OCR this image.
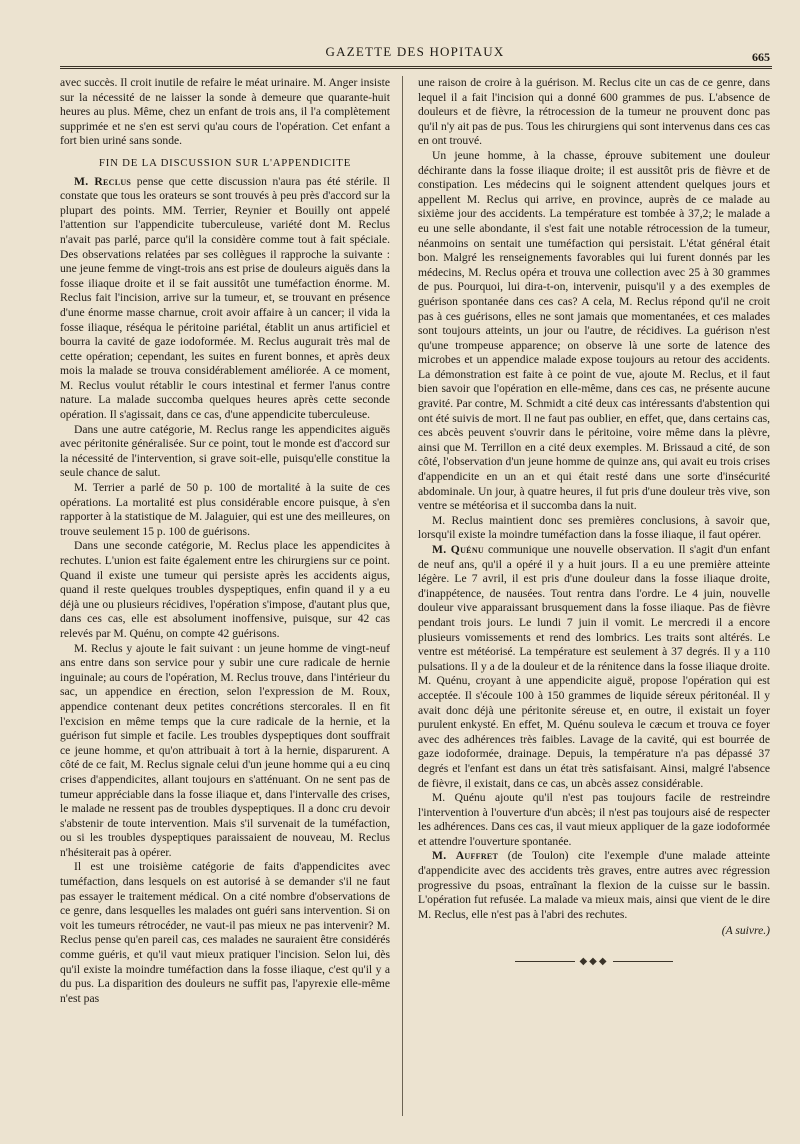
GAZETTE DES HOPITAUX	665

avec succès. Il croit inutile de refaire le méat urinaire. M. Anger insiste sur la nécessité de ne laisser la sonde à demeure que quarante-huit heures au plus. Même, chez un enfant de trois ans, il l'a complètement supprimée et ne s'en est servi qu'au cours de l'opération. Cet enfant a fort bien uriné sans sonde.

FIN DE LA DISCUSSION SUR L'APPENDICITE

M. Reclus pense que cette discussion n'aura pas été stérile. Il constate que tous les orateurs se sont trouvés à peu près d'accord sur la plupart des points. MM. Terrier, Reynier et Bouilly ont appelé l'attention sur l'appendicite tuberculeuse, variété dont M. Reclus n'avait pas parlé, parce qu'il la considère comme tout à fait spéciale. Des observations relatées par ses collègues il rapproche la suivante : une jeune femme de vingt-trois ans est prise de douleurs aiguës dans la fosse iliaque droite et il se fait aussitôt une tuméfaction énorme. M. Reclus fait l'incision, arrive sur la tumeur, et, se trouvant en présence d'une énorme masse charnue, croit avoir affaire à un cancer; il vida la fosse iliaque, réséqua le péritoine pariétal, établit un anus artificiel et bourra la cavité de gaze iodoformée. M. Reclus augurait très mal de cette opération; cependant, les suites en furent bonnes, et après deux mois la malade se trouva considérablement améliorée. A ce moment, M. Reclus voulut rétablir le cours intestinal et fermer l'anus contre nature. La malade succomba quelques heures après cette seconde opération. Il s'agissait, dans ce cas, d'une appendicite tuberculeuse.

Dans une autre catégorie, M. Reclus range les appendicites aiguës avec péritonite généralisée. Sur ce point, tout le monde est d'accord sur la nécessité de l'intervention, si grave soit-elle, puisqu'elle constitue la seule chance de salut.

M. Terrier a parlé de 50 p. 100 de mortalité à la suite de ces opérations. La mortalité est plus considérable encore puisque, à s'en rapporter à la statistique de M. Jalaguier, qui est une des meilleures, on trouve seulement 15 p. 100 de guérisons.

Dans une seconde catégorie, M. Reclus place les appendicites à rechutes. L'union est faite également entre les chirurgiens sur ce point. Quand il existe une tumeur qui persiste après les accidents aigus, quand il reste quelques troubles dyspeptiques, enfin quand il y a eu déjà une ou plusieurs récidives, l'opération s'impose, d'autant plus que, dans ces cas, elle est absolument inoffensive, puisque, sur 42 cas relevés par M. Quénu, on compte 42 guérisons.

M. Reclus y ajoute le fait suivant : un jeune homme de vingt-neuf ans entre dans son service pour y subir une cure radicale de hernie inguinale; au cours de l'opération, M. Reclus trouve, dans l'intérieur du sac, un appendice en érection, selon l'expression de M. Roux, appendice contenant deux petites concrétions stercorales. Il en fit l'excision en même temps que la cure radicale de la hernie, et la guérison fut simple et facile. Les troubles dyspeptiques dont souffrait ce jeune homme, et qu'on attribuait à tort à la hernie, disparurent. A côté de ce fait, M. Reclus signale celui d'un jeune homme qui a eu cinq crises d'appendicites, allant toujours en s'atténuant. On ne sent pas de tumeur appréciable dans la fosse iliaque et, dans l'intervalle des crises, le malade ne ressent pas de troubles dyspeptiques. Il a donc cru devoir s'abstenir de toute intervention. Mais s'il survenait de la tuméfaction, ou si les troubles dyspeptiques paraissaient de nouveau, M. Reclus n'hésiterait pas à opérer.

Il est une troisième catégorie de faits d'appendicites avec tuméfaction, dans lesquels on est autorisé à se demander s'il ne faut pas essayer le traitement médical. On a cité nombre d'observations de ce genre, dans lesquelles les malades ont guéri sans intervention. Si on voit les tumeurs rétrocéder, ne vaut-il pas mieux ne pas intervenir? M. Reclus pense qu'en pareil cas, ces malades ne sauraient être considérés comme guéris, et qu'il vaut mieux pratiquer l'incision. Selon lui, dès qu'il existe la moindre tuméfaction dans la fosse iliaque, c'est qu'il y a du pus. La disparition des douleurs ne suffit pas, l'apyrexie elle-même n'est pas

une raison de croire à la guérison. M. Reclus cite un cas de ce genre, dans lequel il a fait l'incision qui a donné 600 grammes de pus. L'absence de douleurs et de fièvre, la rétrocession de la tumeur ne prouvent donc pas qu'il n'y ait pas de pus. Tous les chirurgiens qui sont intervenus dans ces cas en ont trouvé.

Un jeune homme, à la chasse, éprouve subitement une douleur déchirante dans la fosse iliaque droite; il est aussitôt pris de fièvre et de constipation. Les médecins qui le soignent attendent quelques jours et appellent M. Reclus qui arrive, en province, auprès de ce malade au sixième jour des accidents. La température est tombée à 37,2; le malade a eu une selle abondante, il s'est fait une notable rétrocession de la tumeur, néanmoins on sentait une tuméfaction qui persistait. L'état général était bon. Malgré les renseignements favorables qui lui furent donnés par les médecins, M. Reclus opéra et trouva une collection avec 25 à 30 grammes de pus. Pourquoi, lui dira-t-on, intervenir, puisqu'il y a des exemples de guérison spontanée dans ces cas? A cela, M. Reclus répond qu'il ne croit pas à ces guérisons, elles ne sont jamais que momentanées, et ces malades sont toujours atteints, un jour ou l'autre, de récidives. La guérison n'est qu'une trompeuse apparence; on observe là une sorte de latence des microbes et un appendice malade expose toujours au retour des accidents. La démonstration est faite à ce point de vue, ajoute M. Reclus, et il faut bien savoir que l'opération en elle-même, dans ces cas, ne présente aucune gravité. Par contre, M. Schmidt a cité deux cas intéressants d'abstention qui ont été suivis de mort. Il ne faut pas oublier, en effet, que, dans certains cas, ces abcès peuvent s'ouvrir dans le péritoine, voire même dans la plèvre, ainsi que M. Terrillon en a cité deux exemples. M. Brissaud a cité, de son côté, l'observation d'un jeune homme de quinze ans, qui avait eu trois crises d'appendicite en un an et qui était resté dans une sorte d'insécurité abdominale. Un jour, à quatre heures, il fut pris d'une douleur très vive, son ventre se météorisa et il succomba dans la nuit.

M. Reclus maintient donc ses premières conclusions, à savoir que, lorsqu'il existe la moindre tuméfaction dans la fosse iliaque, il faut opérer.

M. Quénu communique une nouvelle observation. Il s'agit d'un enfant de neuf ans, qu'il a opéré il y a huit jours. Il a eu une première atteinte légère. Le 7 avril, il est pris d'une douleur dans la fosse iliaque droite, d'inappétence, de nausées. Tout rentra dans l'ordre. Le 4 juin, nouvelle douleur vive apparaissant brusquement dans la fosse iliaque. Pas de fièvre pendant trois jours. Le lundi 7 juin il vomit. Le mercredi il a encore plusieurs vomissements et rend des lombrics. Les traits sont altérés. Le ventre est météorisé. La température est seulement à 37 degrés. Il y a 110 pulsations. Il y a de la douleur et de la rénitence dans la fosse iliaque droite. M. Quénu, croyant à une appendicite aiguë, propose l'opération qui est acceptée. Il s'écoule 100 à 150 grammes de liquide séreux péritonéal. Il y avait donc déjà une péritonite séreuse et, en outre, il existait un foyer purulent enkysté. En effet, M. Quénu souleva le cæcum et trouva ce foyer avec des adhérences très faibles. Lavage de la cavité, qui est bourrée de gaze iodoformée, drainage. Depuis, la température n'a pas dépassé 37 degrés et l'enfant est dans un état très satisfaisant. Ainsi, malgré l'absence de fièvre, il existait, dans ce cas, un abcès assez considérable.

M. Quénu ajoute qu'il n'est pas toujours facile de restreindre l'intervention à l'ouverture d'un abcès; il n'est pas toujours aisé de respecter les adhérences. Dans ces cas, il vaut mieux appliquer de la gaze iodoformée et attendre l'ouverture spontanée.

M. Auffret (de Toulon) cite l'exemple d'une malade atteinte d'appendicite avec des accidents très graves, entre autres avec régression progressive du psoas, entraînant la flexion de la cuisse sur le bassin. L'opération fut refusée. La malade va mieux mais, ainsi que vient de le dire M. Reclus, elle n'est pas à l'abri des rechutes.

(A suivre.)
◆◆◆
